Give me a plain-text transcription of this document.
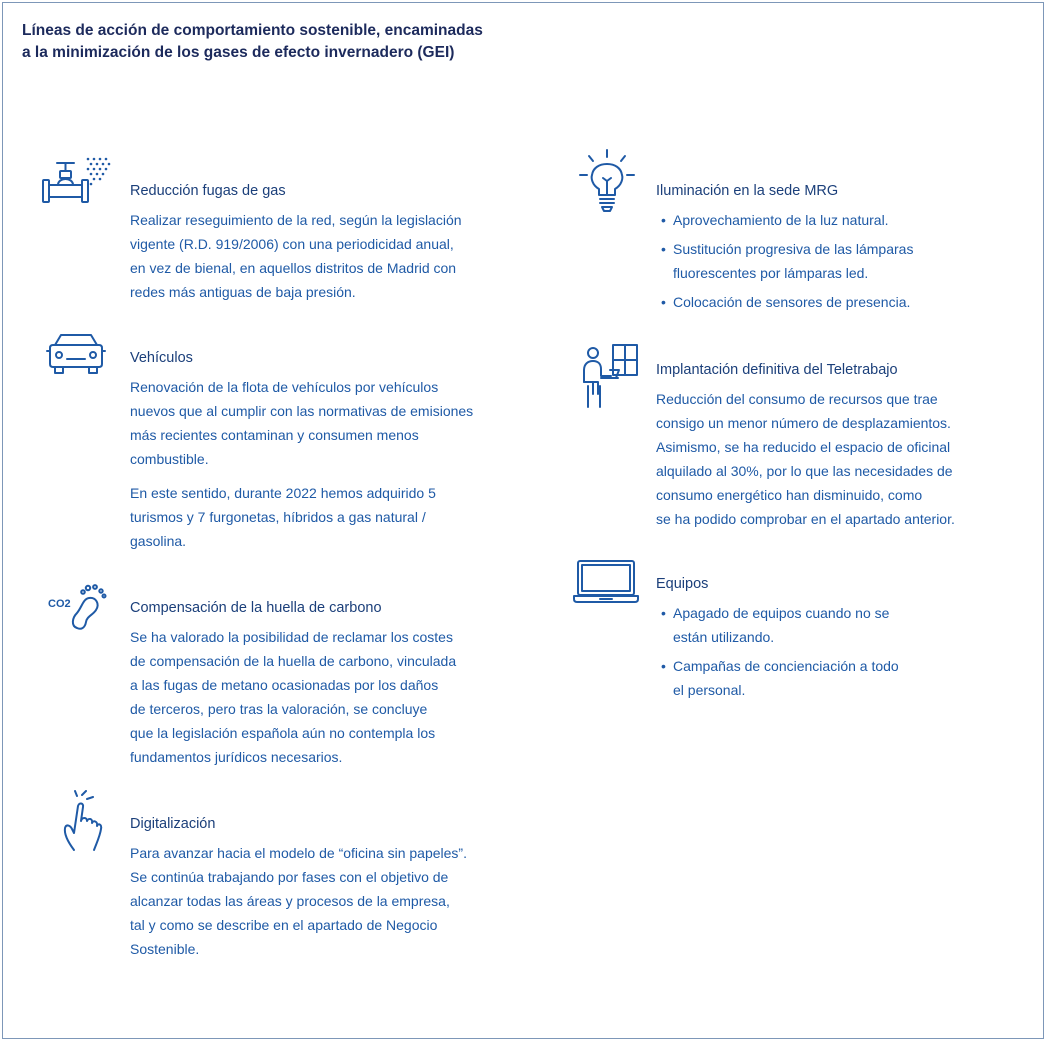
Líneas de acción de comportamiento sostenible, encaminadas
a la minimización de los gases de efecto invernadero (GEI)
Reducción fugas de gas

Realizar reseguimiento de la red, según la legislación
vigente (R.D. 919/2006) con una periodicidad anual,
en vez de bienal, en aquellos distritos de Madrid con
redes más antiguas de baja presión.

Vehículos

Renovación de la flota de vehículos por vehículos
nuevos que al cumplir con las normativas de emisiones
más recientes contaminan y consumen menos
combustible.

En este sentido, durante 2022 hemos adquirido 5
turismos y 7 furgonetas, híbridos a gas natural /
gasolina.

CO2	Compensación de la huella de carbono

Se ha valorado la posibilidad de reclamar los costes
de compensación de la huella de carbono, vinculada
a las fugas de metano ocasionadas por los daños
de terceros, pero tras la valoración, se concluye
que la legislación española aún no contempla los
fundamentos jurídicos necesarios.

Digitalización

Para avanzar hacia el modelo de “oficina sin papeles”.
Se continúa trabajando por fases con el objetivo de
alcanzar todas las áreas y procesos de la empresa,
tal y como se describe en el apartado de Negocio
Sostenible.

Iluminación en la sede MRG
• Aprovechamiento de la luz natural.
• Sustitución progresiva de las lámparas
fluorescentes por lámparas led.
• Colocación de sensores de presencia.
Implantación definitiva del Teletrabajo

Reducción del consumo de recursos que trae
consigo un menor número de desplazamientos.
Asimismo, se ha reducido el espacio de oficinal
alquilado al 30%, por lo que las necesidades de
consumo energético han disminuido, como
se ha podido comprobar en el apartado anterior.

Equipos
• Apagado de equipos cuando no se
están utilizando.
• Campañas de concienciación a todo
el personal.
